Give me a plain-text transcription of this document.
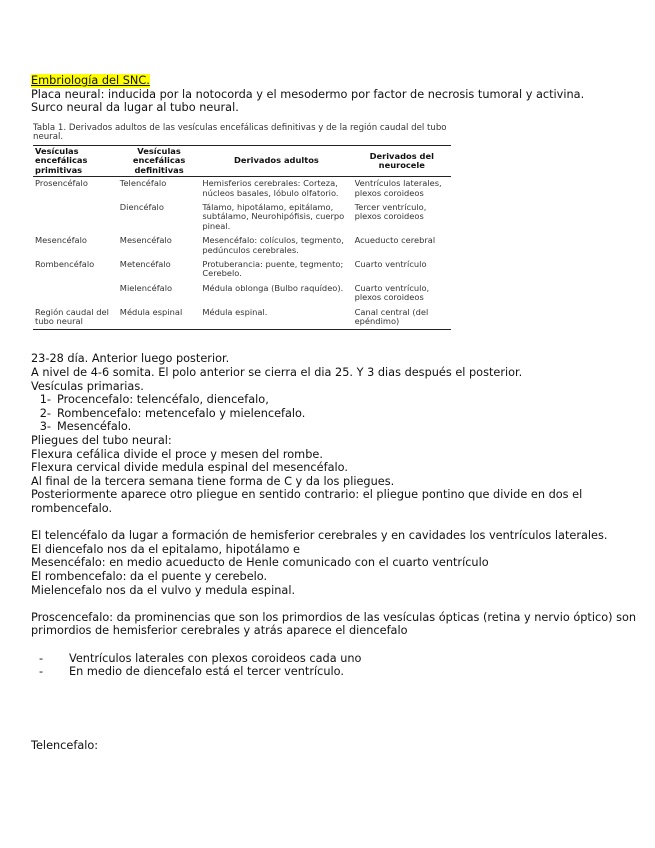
Embriología del SNC.

Placa neural: inducida por la notocorda y el mesodermo por factor de necrosis tumoral y activina.

Surco neural da lugar al tubo neural.

Tabla 1. Derivados adultos de las vesículas encefálicas definitivas y de la región caudal del tubo neural.

Vesículas encefálicas primitivas	Vesículas encefálicas definitivas	Derivados adultos	Derivados del neurocele
Prosencéfalo	Telencéfalo	Hemisferios cerebrales: Corteza, núcleos basales, lóbulo olfatorio.	Ventrículos laterales, plexos coroideos
	Diencéfalo	Tálamo, hipotálamo, epitálamo, subtálamo, Neurohipófisis, cuerpo pineal.	Tercer ventrículo, plexos coroideos
Mesencéfalo	Mesencéfalo	Mesencéfalo: colículos, tegmento, pedúnculos cerebrales.	Acueducto cerebral
Rombencéfalo	Metencéfalo	Protuberancia: puente, tegmento; Cerebelo.	Cuarto ventrículo
	Mielencéfalo	Médula oblonga (Bulbo raquídeo).	Cuarto ventrículo, plexos coroideos
Región caudal del tubo neural	Médula espinal	Médula espinal.	Canal central (del epéndimo)

23-28 día. Anterior luego posterior.

A nivel de 4-6 somita. El polo anterior se cierra el dia 25. Y 3 dias después el posterior.

Vesículas primarias.

1- Procencefalo: telencéfalo, diencefalo,
2- Rombencefalo: metencefalo y mielencefalo.
3- Mesencéfalo.

Pliegues del tubo neural:

Flexura cefálica divide el proce y mesen del rombe.

Flexura cervical divide medula espinal del mesencéfalo.

Al final de la tercera semana tiene forma de C y da los pliegues.

Posteriormente aparece otro pliegue en sentido contrario: el pliegue pontino que divide en dos el

rombencefalo.

El telencéfalo da lugar a formación de hemisferior cerebrales y en cavidades los ventrículos laterales.

El diencefalo nos da el epitalamo, hipotálamo e

Mesencéfalo: en medio acueducto de Henle comunicado con el cuarto ventrículo

El rombencefalo: da el puente y cerebelo.

Mielencefalo nos da el vulvo y medula espinal.

Proscencefalo: da prominencias que son los primordios de las vesículas ópticas (retina y nervio óptico) son

primordios de hemisferior cerebrales y atrás aparece el diencefalo

- Ventrículos laterales con plexos coroideos cada uno
- En medio de diencefalo está el tercer ventrículo.

Telencefalo:
